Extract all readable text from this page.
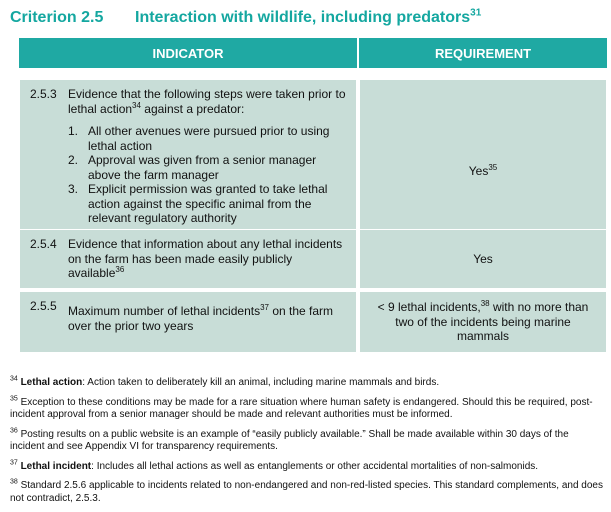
Criterion 2.5 Interaction with wildlife, including predators$^{31}$
INDICATOR	REQUIREMENT
2.5.3 Evidence that the following steps were taken prior to lethal action$^{34}$ against a predator:
1. All other avenues were pursued prior to using lethal action
2. Approval was given from a senior manager above the farm manager
3. Explicit permission was granted to take lethal action against the specific animal from the relevant regulatory authority
Yes$^{35}$
2.5.4 Evidence that information about any lethal incidents on the farm has been made easily publicly available$^{36}$
Yes
2.5.5 Maximum number of lethal incidents$^{37}$ on the farm over the prior two years
< 9 lethal incidents,$^{38}$ with no more than two of the incidents being marine mammals

$^{34}$ Lethal action: Action taken to deliberately kill an animal, including marine mammals and birds.

$^{35}$ Exception to these conditions may be made for a rare situation where human safety is endangered. Should this be required, post-incident approval from a senior manager should be made and relevant authorities must be informed.

$^{36}$ Posting results on a public website is an example of “easily publicly available.” Shall be made available within 30 days of the incident and see Appendix VI for transparency requirements.

$^{37}$ Lethal incident: Includes all lethal actions as well as entanglements or other accidental mortalities of non-salmonids.

$^{38}$ Standard 2.5.6 applicable to incidents related to non-endangered and non-red-listed species. This standard complements, and does not contradict, 2.5.3.
